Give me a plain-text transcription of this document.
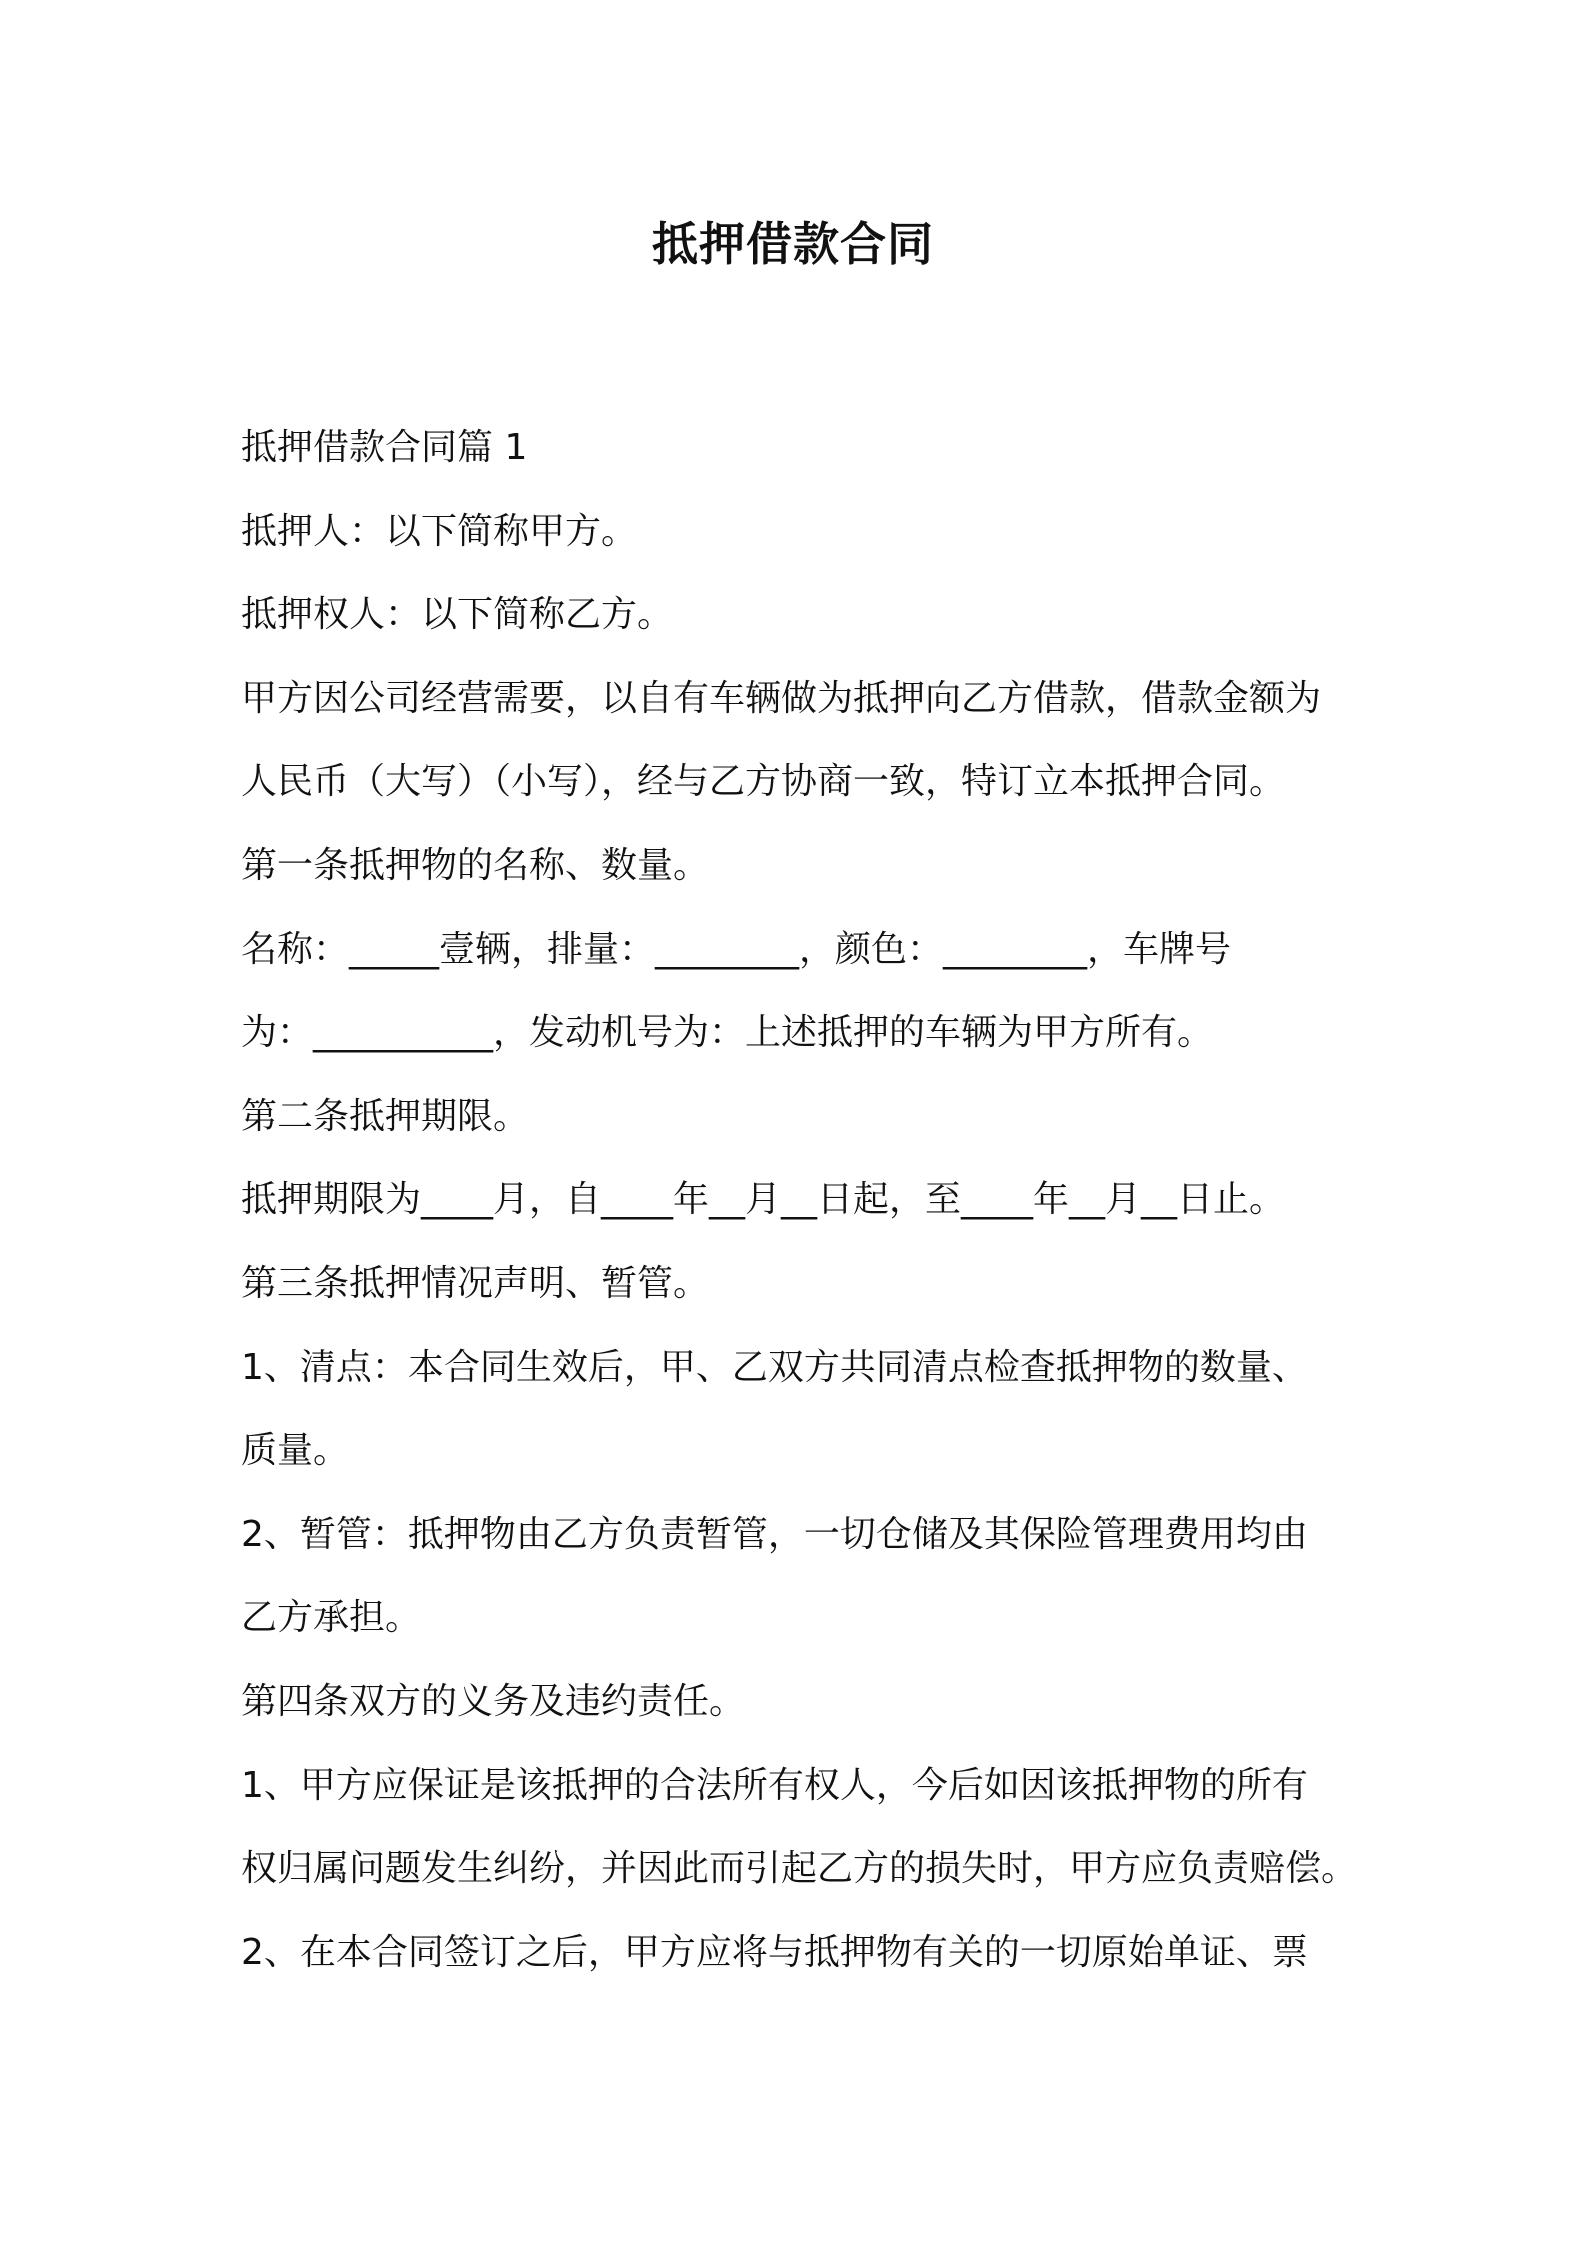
抵押借款合同

抵押借款合同篇 1

抵押人：以下简称甲方。

抵押权人：以下简称乙方。

甲方因公司经营需要，以自有车辆做为抵押向乙方借款，借款金额为

人民币（大写）（小写），经与乙方协商一致，特订立本抵押合同。

第一条抵押物的名称、数量。

名称：_____壹辆，排量：________，颜色：________，车牌号

为：__________，发动机号为：上述抵押的车辆为甲方所有。

第二条抵押期限。

抵押期限为____月，自____年__月__日起，至____年__月__日止。

第三条抵押情况声明、暂管。

1、清点：本合同生效后，甲、乙双方共同清点检查抵押物的数量、

质量。

2、暂管：抵押物由乙方负责暂管，一切仓储及其保险管理费用均由

乙方承担。

第四条双方的义务及违约责任。

1、甲方应保证是该抵押的合法所有权人，今后如因该抵押物的所有

权归属问题发生纠纷，并因此而引起乙方的损失时，甲方应负责赔偿。

2、在本合同签订之后，甲方应将与抵押物有关的一切原始单证、票
